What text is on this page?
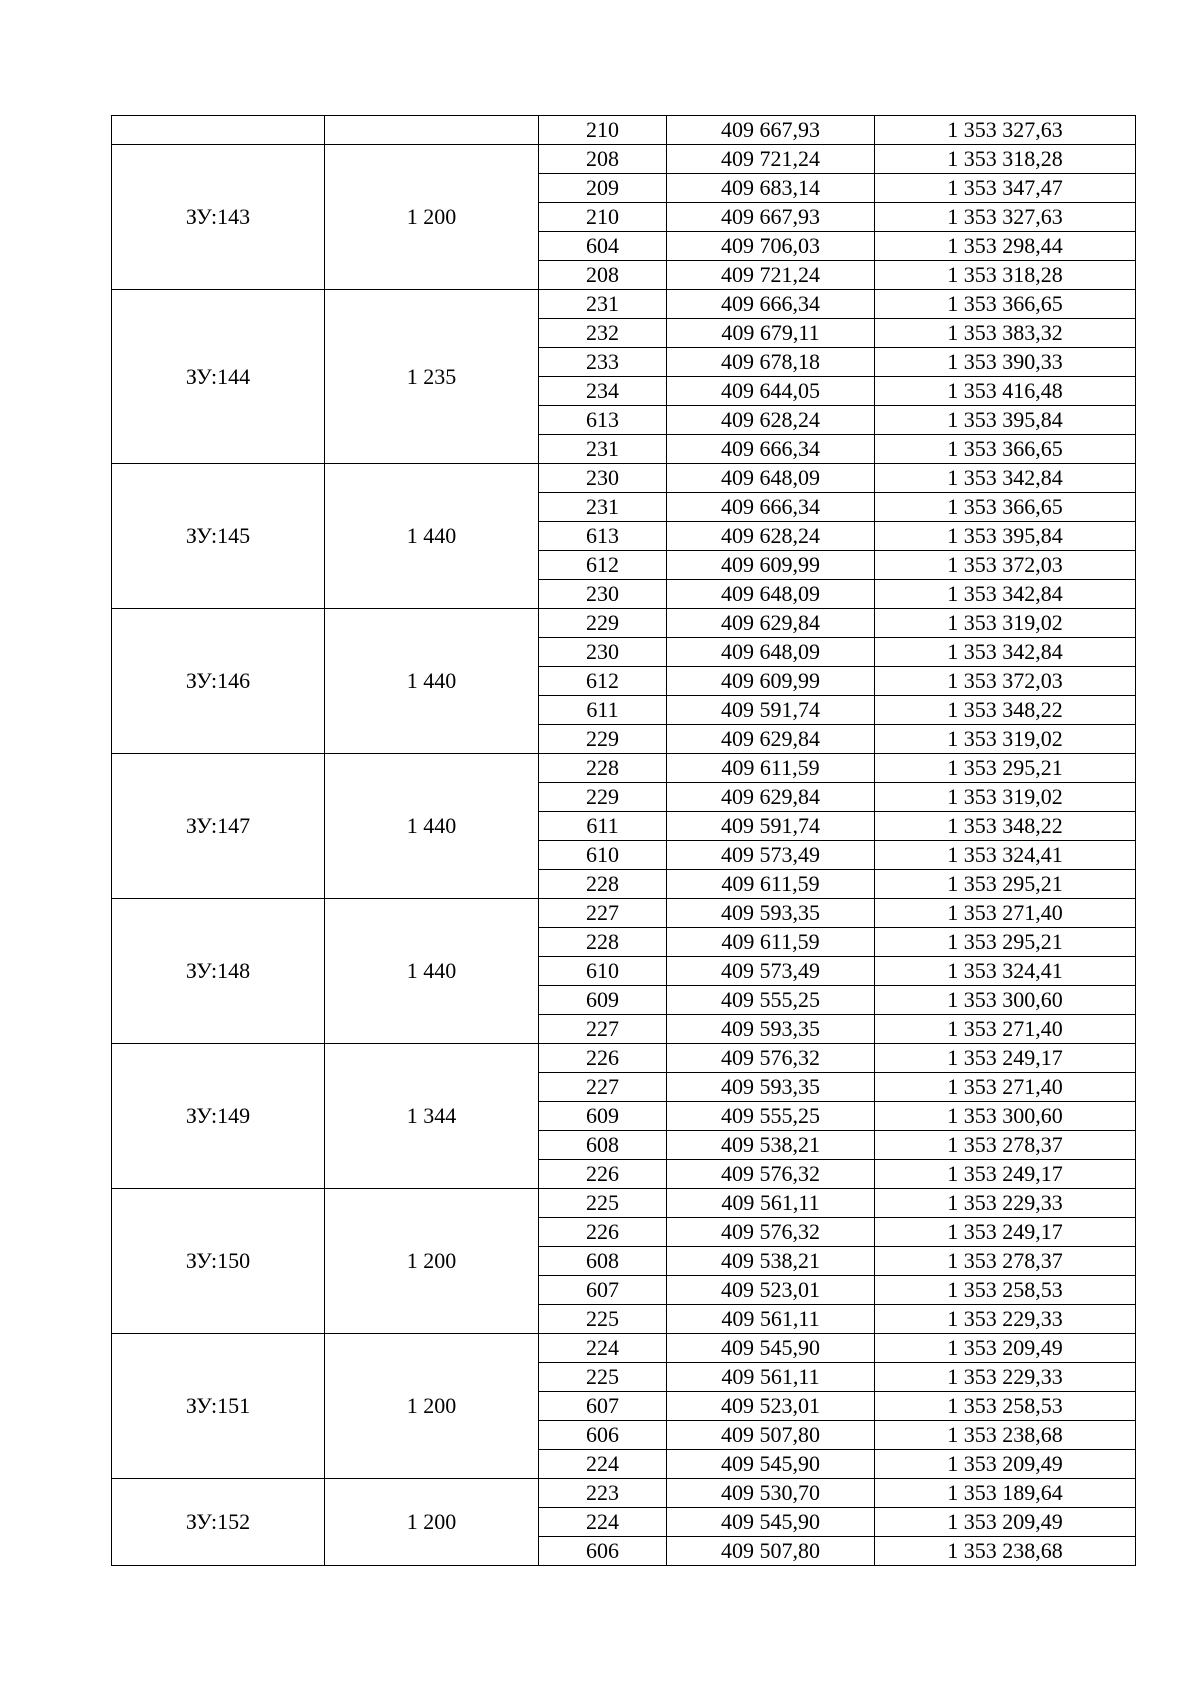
		210	409 667,93	1 353 327,63
ЗУ:143	1 200	208	409 721,24	1 353 318,28
		209	409 683,14	1 353 347,47
		210	409 667,93	1 353 327,63
		604	409 706,03	1 353 298,44
		208	409 721,24	1 353 318,28
ЗУ:144	1 235	231	409 666,34	1 353 366,65
		232	409 679,11	1 353 383,32
		233	409 678,18	1 353 390,33
		234	409 644,05	1 353 416,48
		613	409 628,24	1 353 395,84
		231	409 666,34	1 353 366,65
ЗУ:145	1 440	230	409 648,09	1 353 342,84
		231	409 666,34	1 353 366,65
		613	409 628,24	1 353 395,84
		612	409 609,99	1 353 372,03
		230	409 648,09	1 353 342,84
ЗУ:146	1 440	229	409 629,84	1 353 319,02
		230	409 648,09	1 353 342,84
		612	409 609,99	1 353 372,03
		611	409 591,74	1 353 348,22
		229	409 629,84	1 353 319,02
ЗУ:147	1 440	228	409 611,59	1 353 295,21
		229	409 629,84	1 353 319,02
		611	409 591,74	1 353 348,22
		610	409 573,49	1 353 324,41
		228	409 611,59	1 353 295,21
ЗУ:148	1 440	227	409 593,35	1 353 271,40
		228	409 611,59	1 353 295,21
		610	409 573,49	1 353 324,41
		609	409 555,25	1 353 300,60
		227	409 593,35	1 353 271,40
ЗУ:149	1 344	226	409 576,32	1 353 249,17
		227	409 593,35	1 353 271,40
		609	409 555,25	1 353 300,60
		608	409 538,21	1 353 278,37
		226	409 576,32	1 353 249,17
ЗУ:150	1 200	225	409 561,11	1 353 229,33
		226	409 576,32	1 353 249,17
		608	409 538,21	1 353 278,37
		607	409 523,01	1 353 258,53
		225	409 561,11	1 353 229,33
ЗУ:151	1 200	224	409 545,90	1 353 209,49
		225	409 561,11	1 353 229,33
		607	409 523,01	1 353 258,53
		606	409 507,80	1 353 238,68
		224	409 545,90	1 353 209,49
ЗУ:152	1 200	223	409 530,70	1 353 189,64
		224	409 545,90	1 353 209,49
		606	409 507,80	1 353 238,68
